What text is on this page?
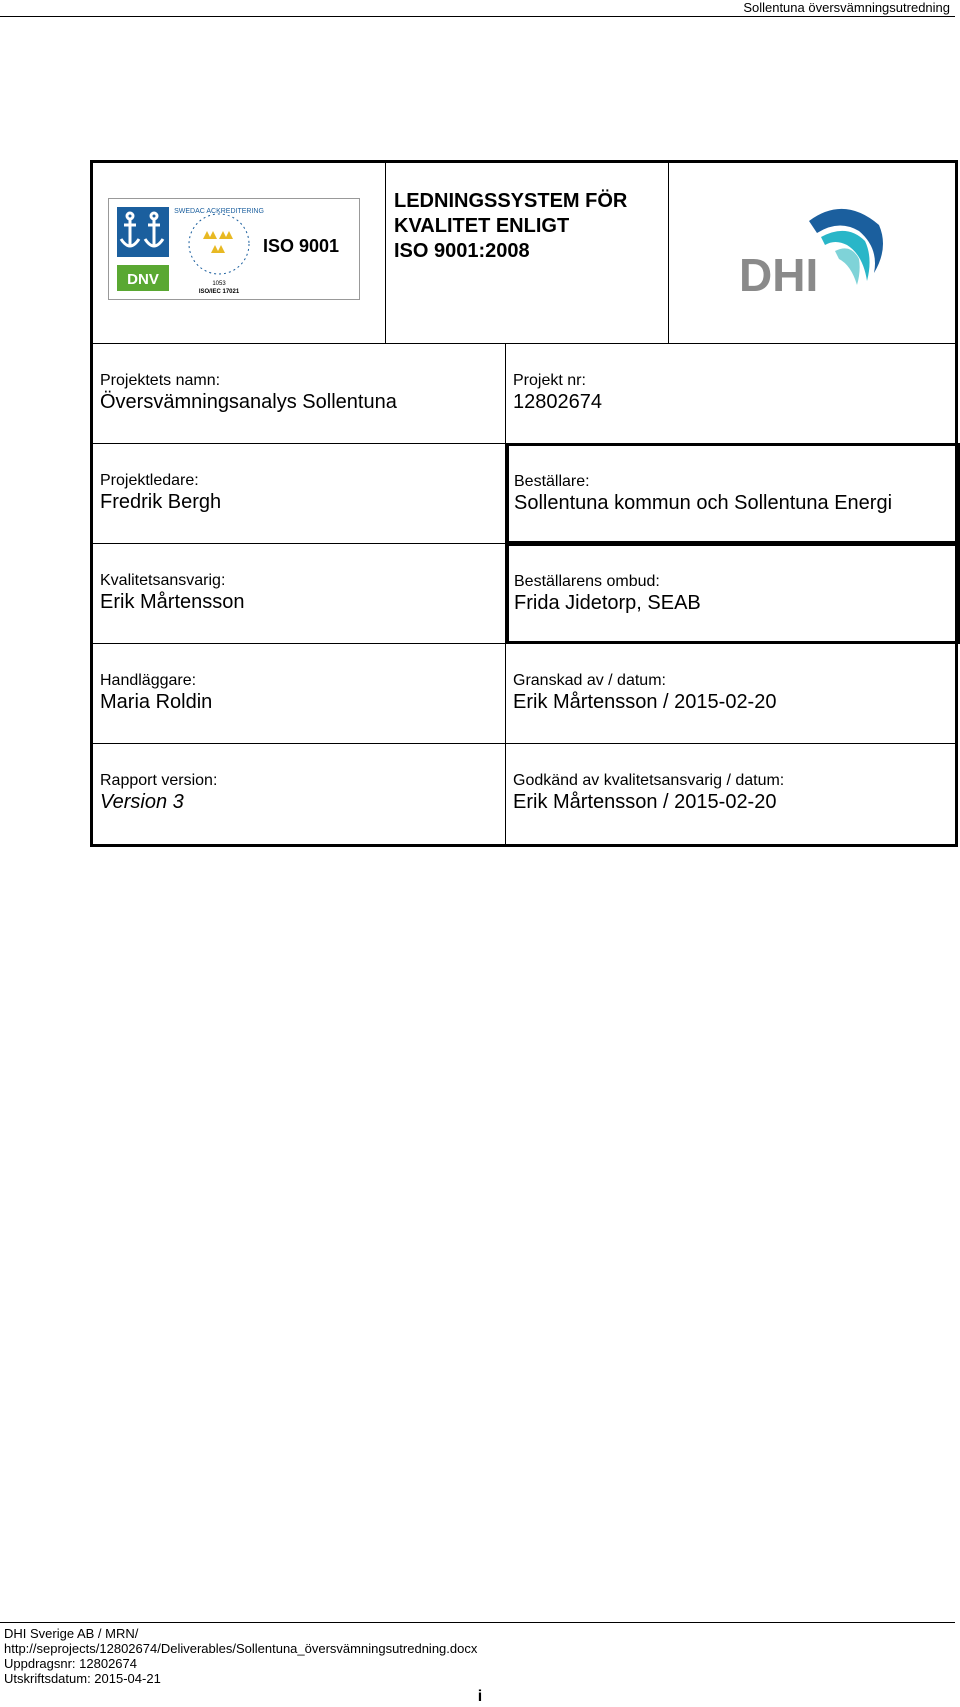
Sollentuna översvämningsutredning
DNV
SWEDAC ACKREDITERING
1053
ISO/IEC 17021
ISO 9001
LEDNINGSSYSTEM FÖR
KVALITET ENLIGT
ISO 9001:2008	DHI
Projektets namn:
Översvämningsanalys Sollentuna
Projekt nr:
12802674
Projektledare:
Fredrik Bergh
Beställare:
Sollentuna kommun och Sollentuna Energi
Kvalitetsansvarig:
Erik Mårtensson
Beställarens ombud:
Frida Jidetorp, SEAB
Handläggare:
Maria Roldin
Granskad av / datum:
Erik Mårtensson / 2015-02-20
Rapport version:
Version 3
Godkänd av kvalitetsansvarig / datum:
Erik Mårtensson / 2015-02-20
DHI Sverige AB / MRN/
http://seprojects/12802674/Deliverables/Sollentuna_översvämningsutredning.docx
Uppdragsnr: 12802674
Utskriftsdatum: 2015-04-21
i
